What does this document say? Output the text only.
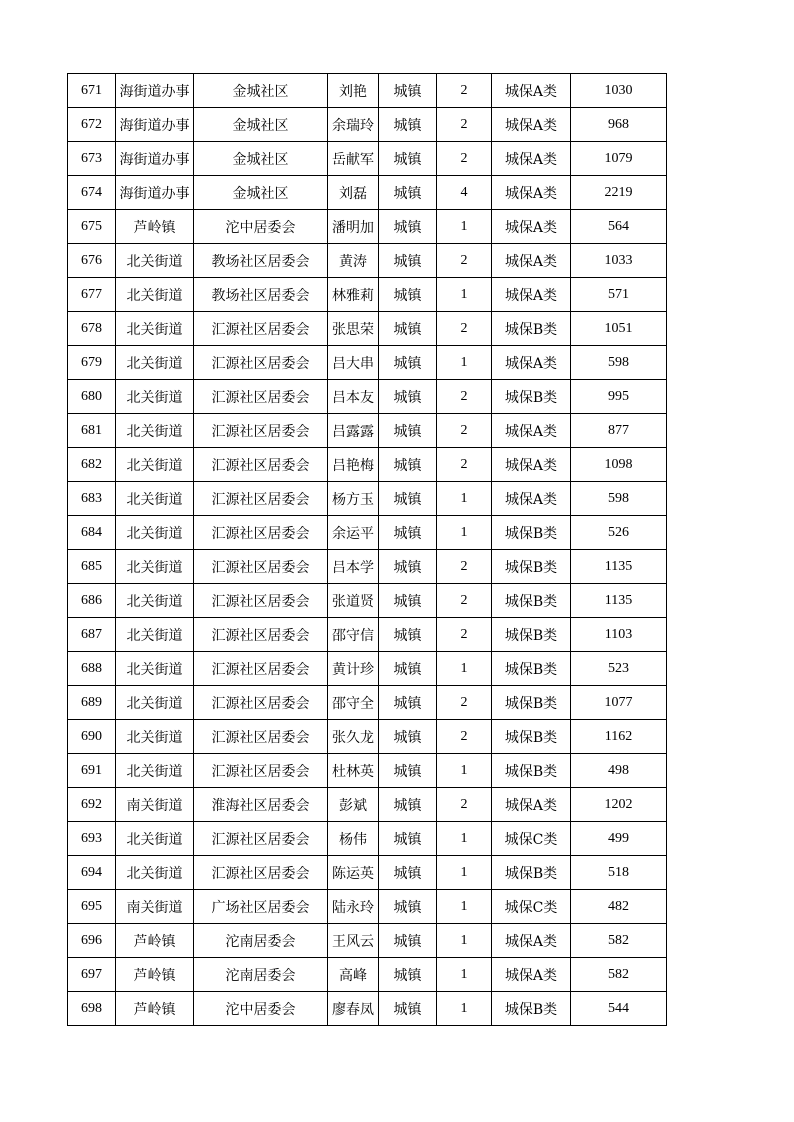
671	海街道办事	金城社区	刘艳	城镇	2	城保A类	1030
672	海街道办事	金城社区	余瑞玲	城镇	2	城保A类	968
673	海街道办事	金城社区	岳献军	城镇	2	城保A类	1079
674	海街道办事	金城社区	刘磊	城镇	4	城保A类	2219
675	芦岭镇	沱中居委会	潘明加	城镇	1	城保A类	564
676	北关街道	教场社区居委会	黄涛	城镇	2	城保A类	1033
677	北关街道	教场社区居委会	林雅莉	城镇	1	城保A类	571
678	北关街道	汇源社区居委会	张思荣	城镇	2	城保B类	1051
679	北关街道	汇源社区居委会	吕大串	城镇	1	城保A类	598
680	北关街道	汇源社区居委会	吕本友	城镇	2	城保B类	995
681	北关街道	汇源社区居委会	吕露露	城镇	2	城保A类	877
682	北关街道	汇源社区居委会	吕艳梅	城镇	2	城保A类	1098
683	北关街道	汇源社区居委会	杨方玉	城镇	1	城保A类	598
684	北关街道	汇源社区居委会	余运平	城镇	1	城保B类	526
685	北关街道	汇源社区居委会	吕本学	城镇	2	城保B类	1135
686	北关街道	汇源社区居委会	张道贤	城镇	2	城保B类	1135
687	北关街道	汇源社区居委会	邵守信	城镇	2	城保B类	1103
688	北关街道	汇源社区居委会	黄计珍	城镇	1	城保B类	523
689	北关街道	汇源社区居委会	邵守全	城镇	2	城保B类	1077
690	北关街道	汇源社区居委会	张久龙	城镇	2	城保B类	1162
691	北关街道	汇源社区居委会	杜林英	城镇	1	城保B类	498
692	南关街道	淮海社区居委会	彭斌	城镇	2	城保A类	1202
693	北关街道	汇源社区居委会	杨伟	城镇	1	城保C类	499
694	北关街道	汇源社区居委会	陈运英	城镇	1	城保B类	518
695	南关街道	广场社区居委会	陆永玲	城镇	1	城保C类	482
696	芦岭镇	沱南居委会	王风云	城镇	1	城保A类	582
697	芦岭镇	沱南居委会	高峰	城镇	1	城保A类	582
698	芦岭镇	沱中居委会	廖春凤	城镇	1	城保B类	544
